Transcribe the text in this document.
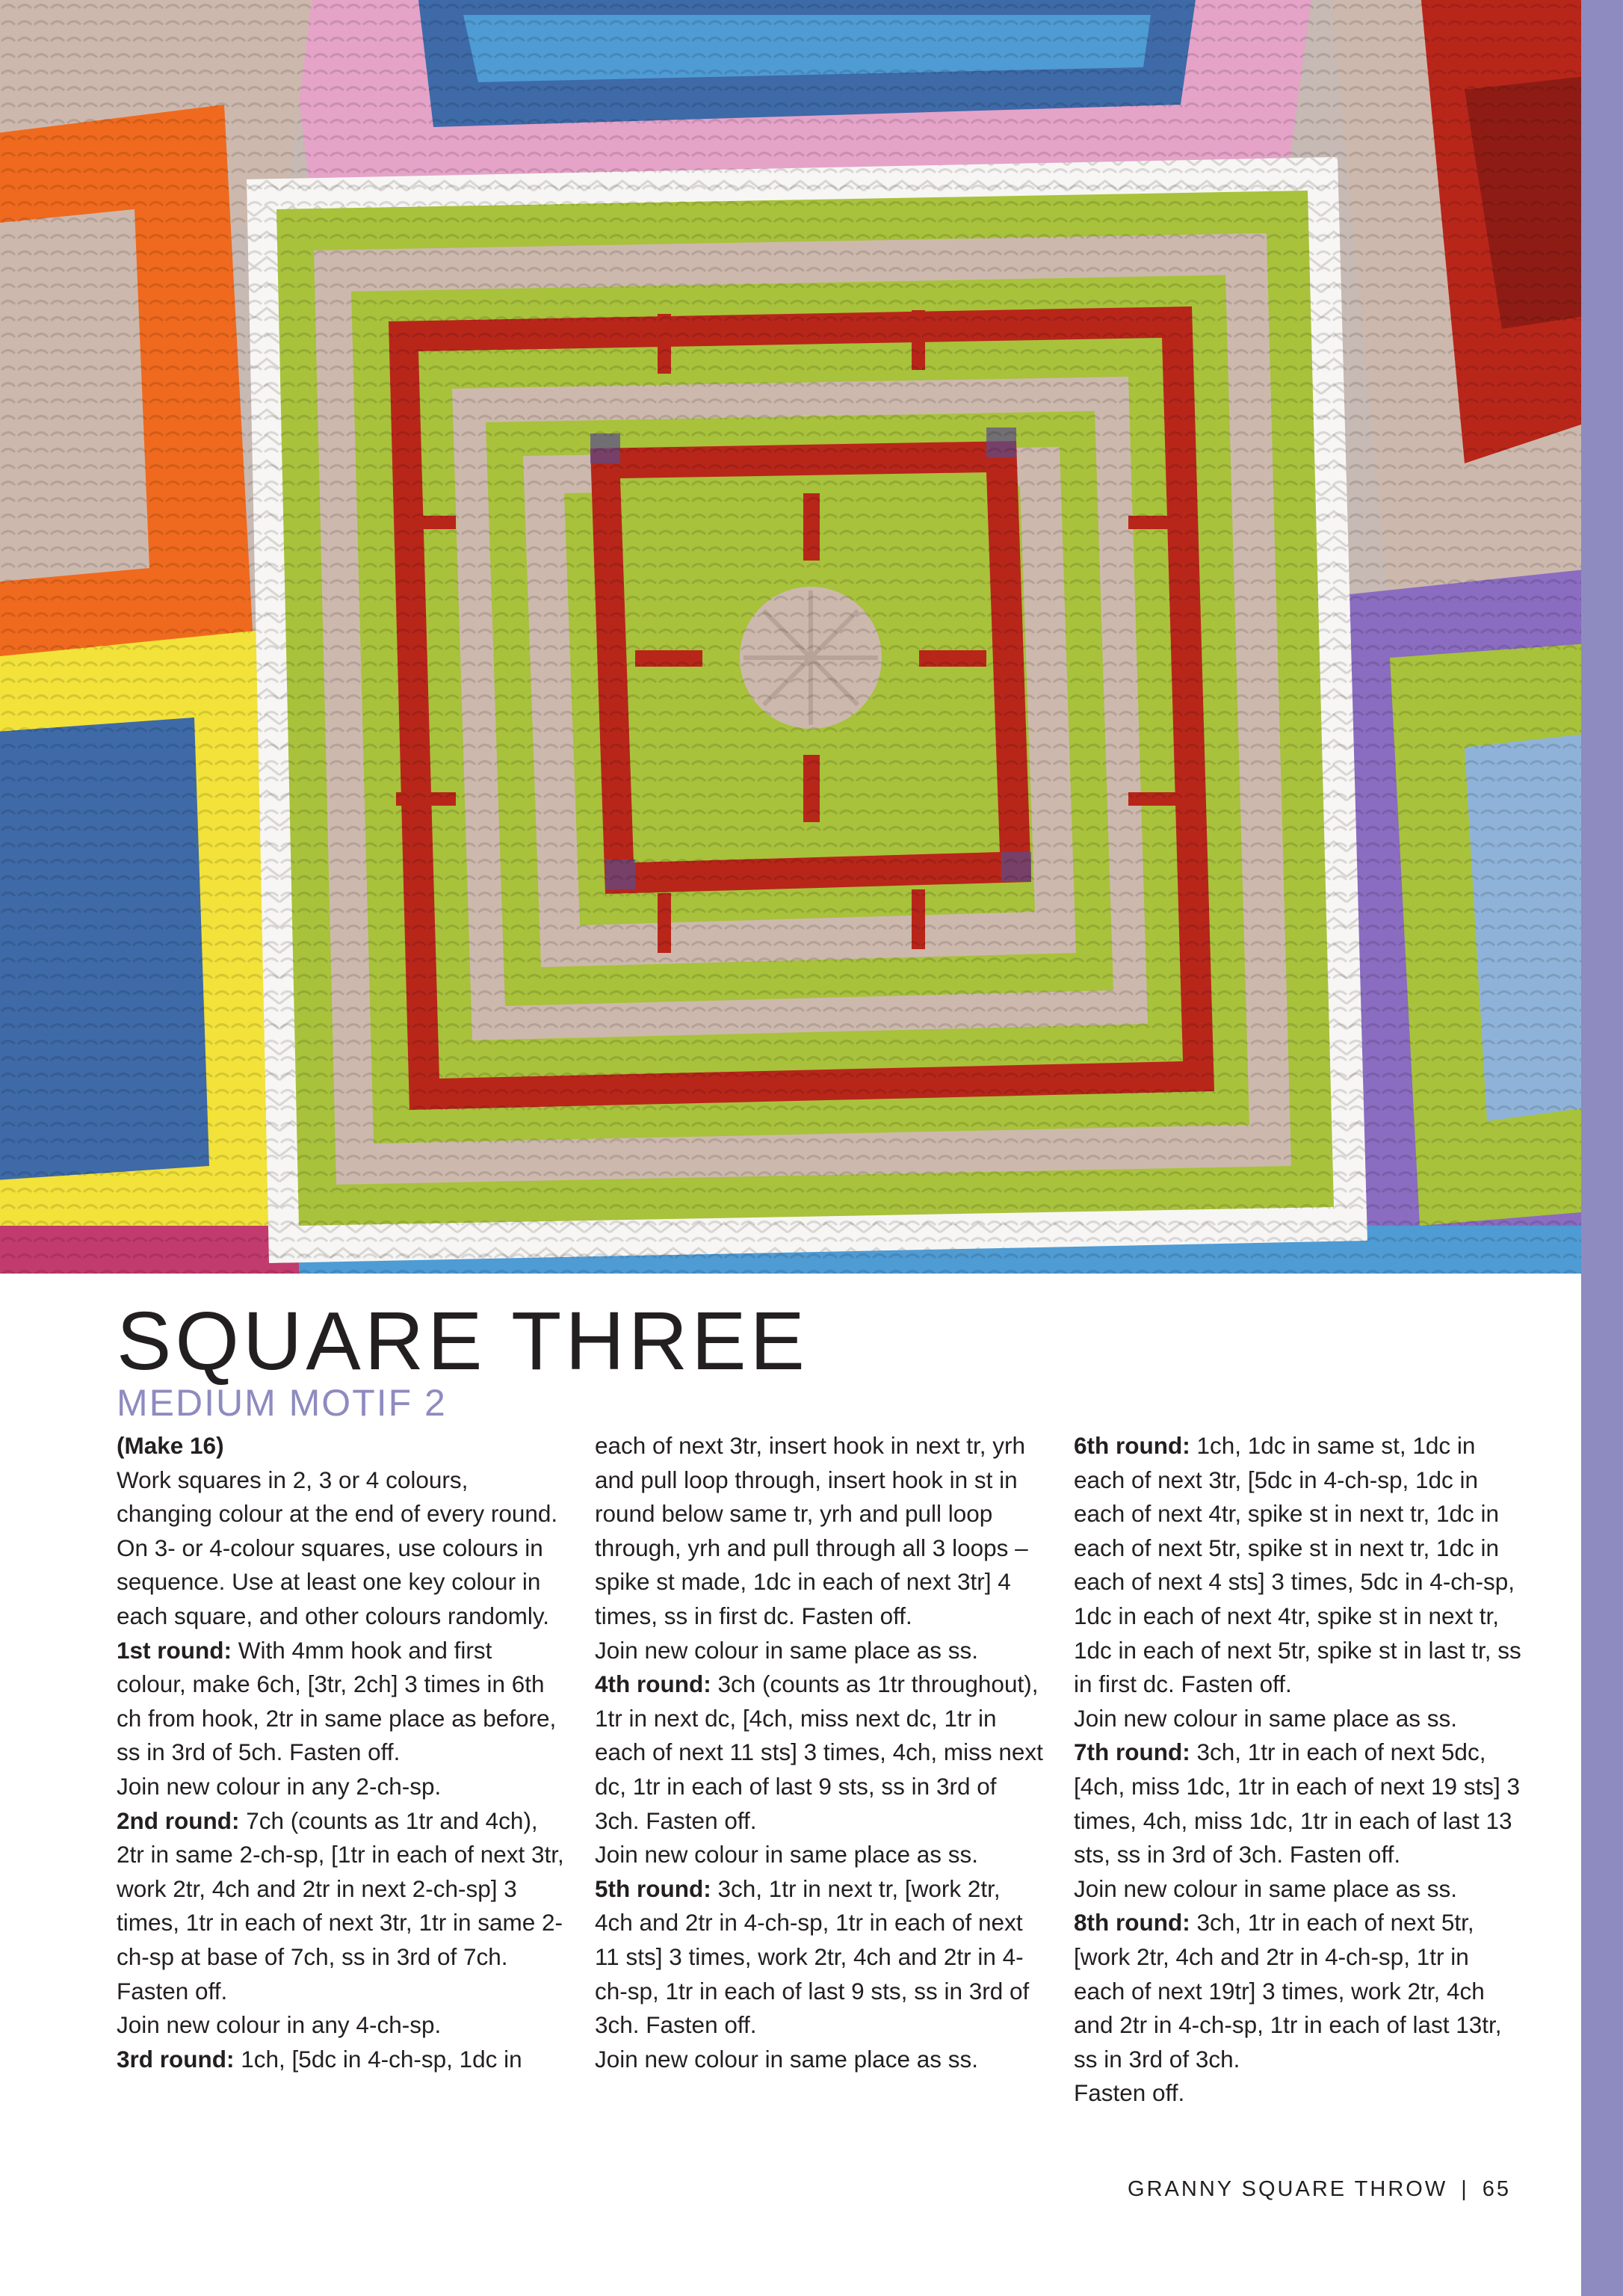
SQUARE THREE
MEDIUM MOTIF 2

(Make 16)

Work squares in 2, 3 or 4 colours, changing colour at the end of every round. On 3- or 4-colour squares, use colours in sequence. Use at least one key colour in each square, and other colours randomly.

1st round: With 4mm hook and first colour, make 6ch, [3tr, 2ch] 3 times in 6th ch from hook, 2tr in same place as before, ss in 3rd of 5ch. Fasten off.

Join new colour in any 2-ch-sp.

2nd round: 7ch (counts as 1tr and 4ch), 2tr in same 2-ch-sp, [1tr in each of next 3tr, work 2tr, 4ch and 2tr in next 2-ch-sp] 3 times, 1tr in each of next 3tr, 1tr in same 2-ch-sp at base of 7ch, ss in 3rd of 7ch. Fasten off.

Join new colour in any 4-ch-sp.

3rd round: 1ch, [5dc in 4-ch-sp, 1dc in

each of next 3tr, insert hook in next tr, yrh and pull loop through, insert hook in st in round below same tr, yrh and pull loop through, yrh and pull through all 3 loops – spike st made, 1dc in each of next 3tr] 4 times, ss in first dc. Fasten off.

Join new colour in same place as ss.

4th round: 3ch (counts as 1tr throughout), 1tr in next dc, [4ch, miss next dc, 1tr in each of next 11 sts] 3 times, 4ch, miss next dc, 1tr in each of last 9 sts, ss in 3rd of 3ch. Fasten off.

Join new colour in same place as ss.

5th round: 3ch, 1tr in next tr, [work 2tr, 4ch and 2tr in 4-ch-sp, 1tr in each of next 11 sts] 3 times, work 2tr, 4ch and 2tr in 4-ch-sp, 1tr in each of last 9 sts, ss in 3rd of 3ch. Fasten off.

Join new colour in same place as ss.

6th round: 1ch, 1dc in same st, 1dc in each of next 3tr, [5dc in 4-ch-sp, 1dc in each of next 4tr, spike st in next tr, 1dc in each of next 5tr, spike st in next tr, 1dc in each of next 4 sts] 3 times, 5dc in 4-ch-sp, 1dc in each of next 4tr, spike st in next tr, 1dc in each of next 5tr, spike st in last tr, ss in first dc. Fasten off.

Join new colour in same place as ss.

7th round: 3ch, 1tr in each of next 5dc, [4ch, miss 1dc, 1tr in each of next 19 sts] 3 times, 4ch, miss 1dc, 1tr in each of last 13 sts, ss in 3rd of 3ch. Fasten off.

Join new colour in same place as ss.

8th round: 3ch, 1tr in each of next 5tr, [work 2tr, 4ch and 2tr in 4-ch-sp, 1tr in each of next 19tr] 3 times, work 2tr, 4ch and 2tr in 4-ch-sp, 1tr in each of last 13tr, ss in 3rd of 3ch.

Fasten off.

GRANNY SQUARE THROW | 65
